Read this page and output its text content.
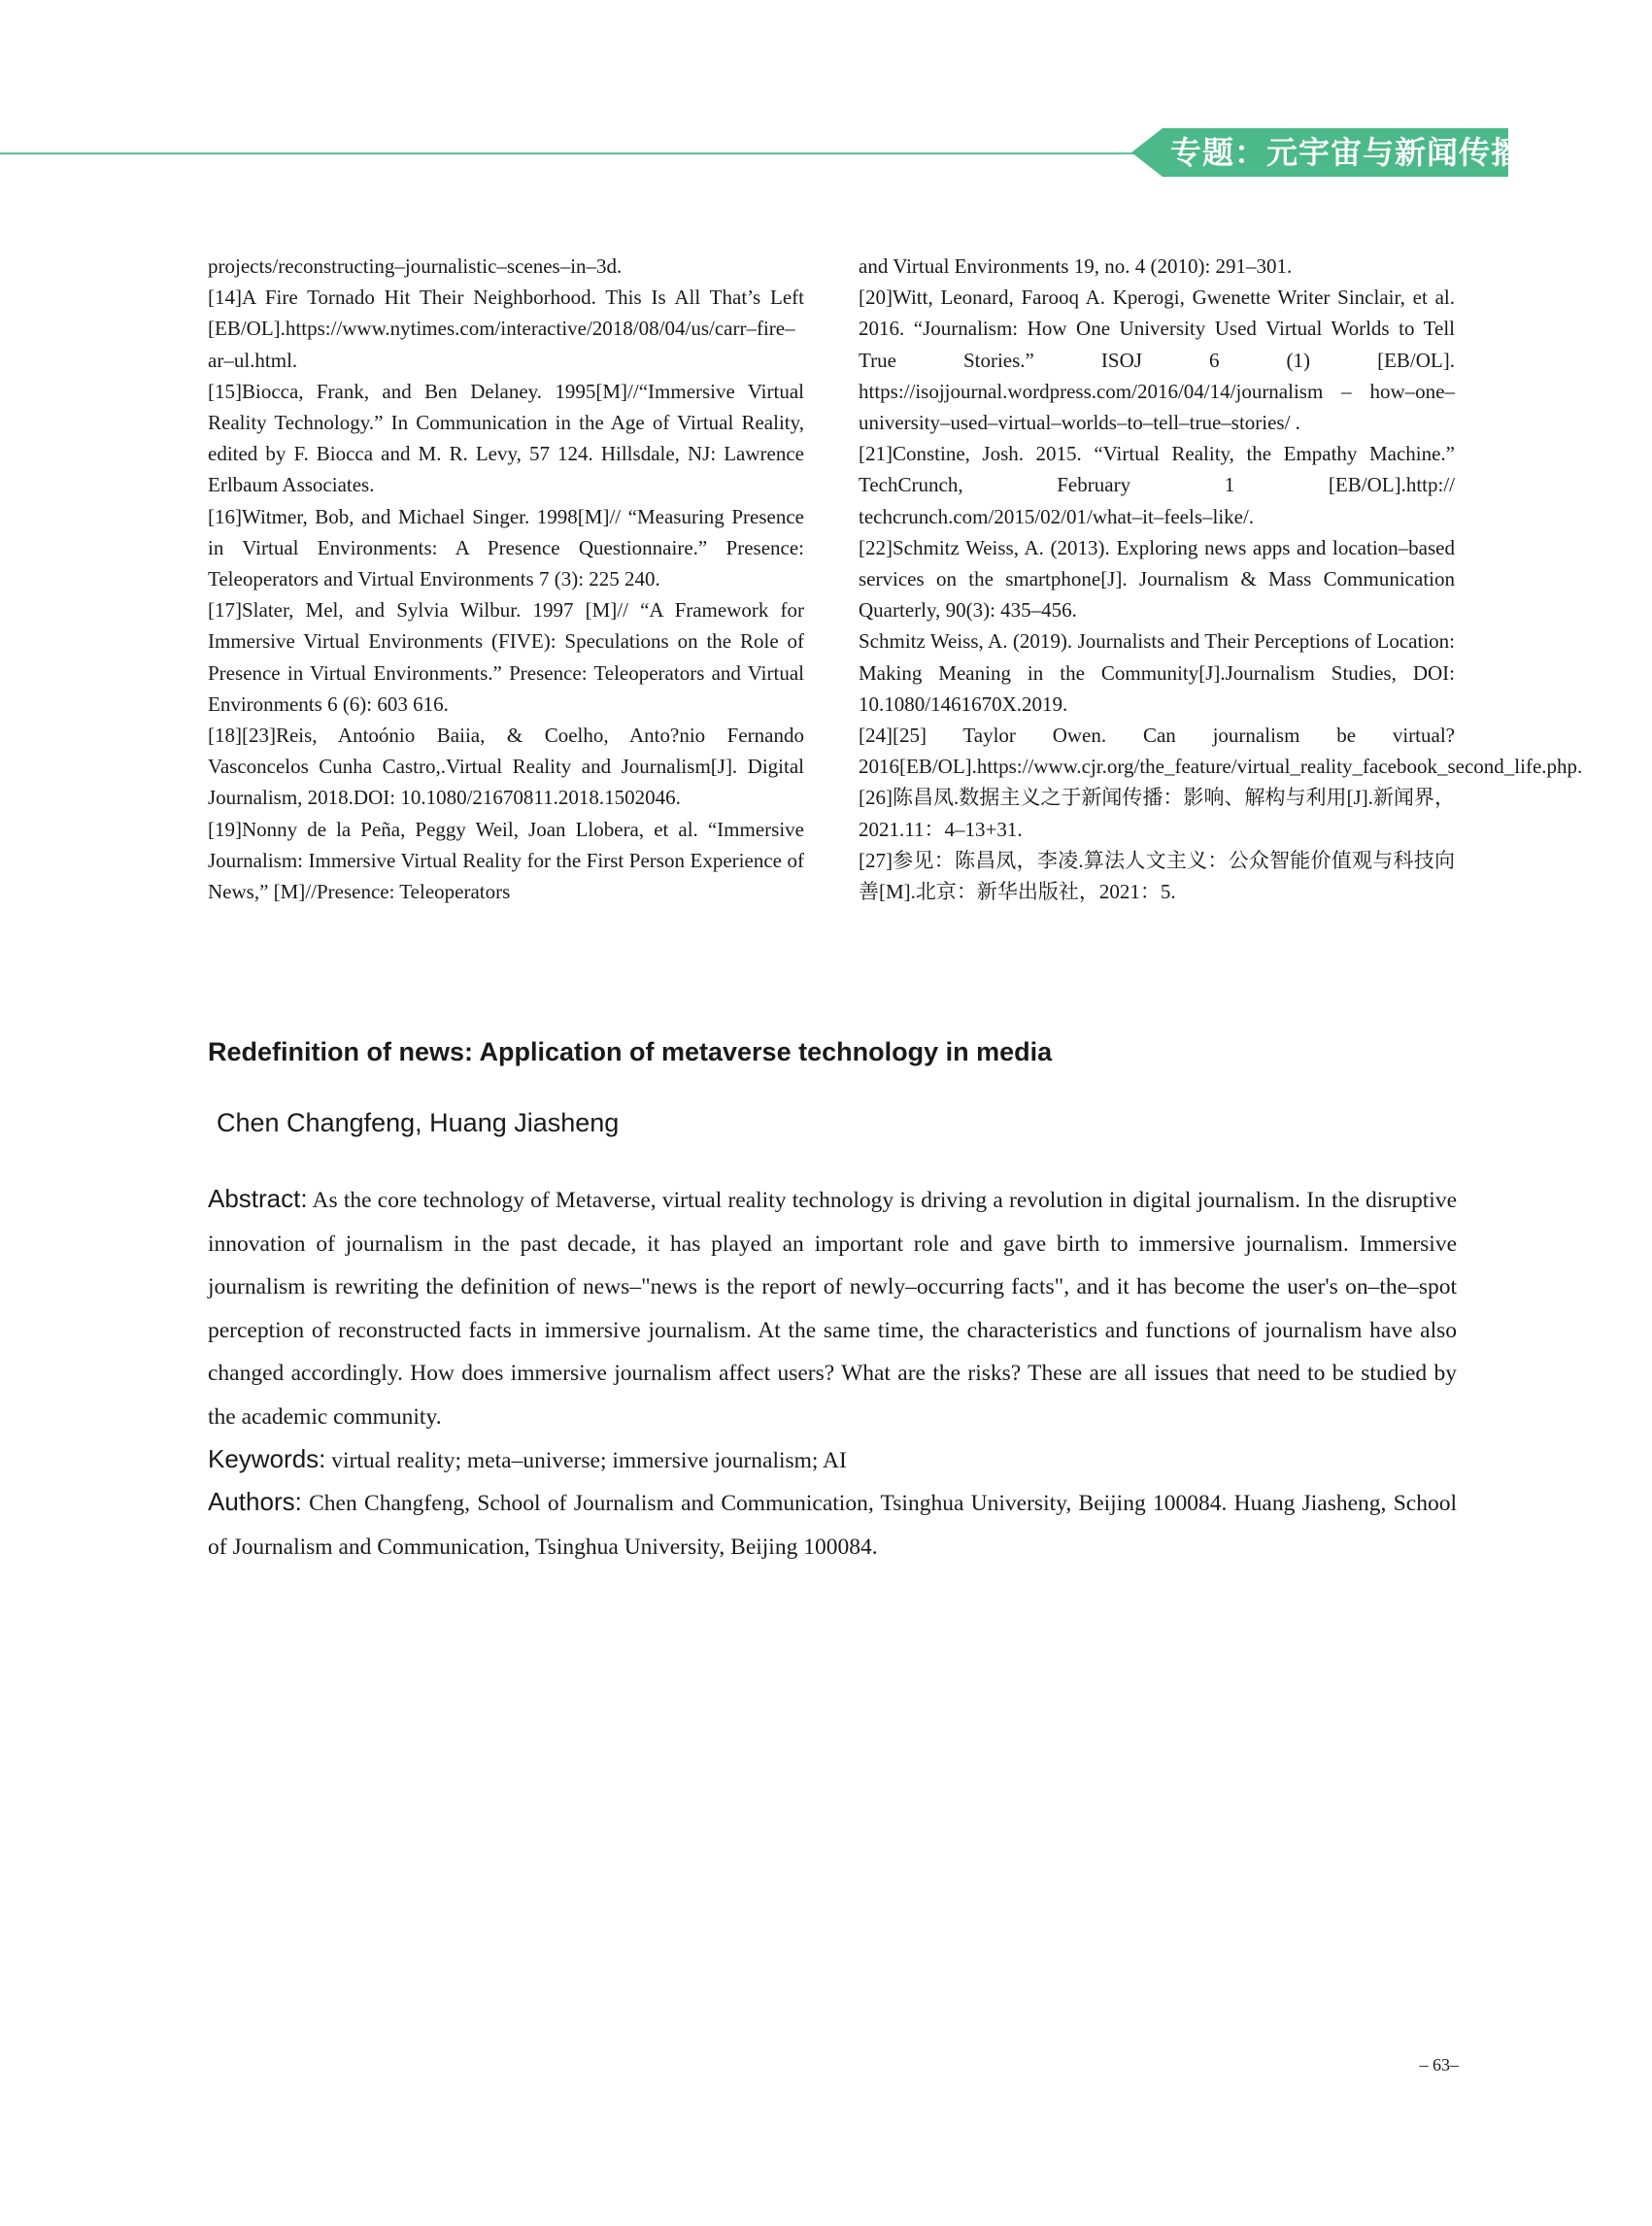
专题：元宇宙与新闻传播

projects/reconstructing–journalistic–scenes–in–3d.

[14]A Fire Tornado Hit Their Neighborhood. This Is All That’s Left [EB/OL].https://www.nytimes.com/interactive/2018/08/04/us/carr–fire–ar–ul.html.

[15]Biocca, Frank, and Ben Delaney. 1995[M]//“Immersive Virtual Reality Technology.” In Communication in the Age of Virtual Reality, edited by F. Biocca and M. R. Levy, 57 124. Hillsdale, NJ: Lawrence Erlbaum Associates.

[16]Witmer, Bob, and Michael Singer. 1998[M]// “Measuring Presence in Virtual Environments: A Presence Questionnaire.” Presence: Teleoperators and Virtual Environments 7 (3): 225 240.

[17]Slater, Mel, and Sylvia Wilbur. 1997 [M]// “A Framework for Immersive Virtual Environments (FIVE): Speculations on the Role of Presence in Virtual Environments.” Presence: Teleoperators and Virtual Environments 6 (6): 603 616.

[18][23]Reis, Antoónio Baiia, & Coelho, Anto?nio Fernando Vasconcelos Cunha Castro,.Virtual Reality and Journalism[J]. Digital Journalism, 2018.DOI: 10.1080/21670811.2018.1502046.

[19]Nonny de la Peña, Peggy Weil, Joan Llobera, et al. “Immersive Journalism: Immersive Virtual Reality for the First Person Experience of News,” [M]//Presence: Teleoperators

and Virtual Environments 19, no. 4 (2010): 291–301.

[20]Witt, Leonard, Farooq A. Kperogi, Gwenette Writer Sinclair, et al. 2016. “Journalism: How One University Used Virtual Worlds to Tell True Stories.” ISOJ 6 (1) [EB/OL]. https://isojjournal.wordpress.com/2016/04/14/journalism – how–one– university–used–virtual–worlds–to–tell–true–stories/ .

[21]Constine, Josh. 2015. “Virtual Reality, the Empathy Machine.” TechCrunch, February 1 [EB/OL].http:// techcrunch.com/2015/02/01/what–it–feels–like/.

[22]Schmitz Weiss, A. (2013). Exploring news apps and location–based services on the smartphone[J]. Journalism & Mass Communication Quarterly, 90(3): 435–456.

Schmitz Weiss, A. (2019). Journalists and Their Perceptions of Location: Making Meaning in the Community[J].Journalism Studies, DOI: 10.1080/1461670X.2019.

[24][25] Taylor Owen. Can journalism be virtual?2016[EB/OL].https://www.cjr.org/the_feature/virtual_reality_facebook_second_life.php.

[26]陈昌凤.数据主义之于新闻传播：影响、解构与利用[J].新闻界，2021.11：4–13+31.

[27]参见：陈昌凤，李凌.算法人文主义：公众智能价值观与科技向善[M].北京：新华出版社，2021：5.

Redefinition of news: Application of metaverse technology in media

Chen Changfeng, Huang Jiasheng

Abstract: As the core technology of Metaverse, virtual reality technology is driving a revolution in digital journalism. In the disruptive innovation of journalism in the past decade, it has played an important role and gave birth to immersive journalism. Immersive journalism is rewriting the definition of news–"news is the report of newly–occurring facts", and it has become the user's on–the–spot perception of reconstructed facts in immersive journalism. At the same time, the characteristics and functions of journalism have also changed accordingly. How does immersive journalism affect users? What are the risks? These are all issues that need to be studied by the academic community.

Keywords: virtual reality; meta–universe; immersive journalism; AI

Authors: Chen Changfeng, School of Journalism and Communication, Tsinghua University, Beijing 100084. Huang Jiasheng, School of Journalism and Communication, Tsinghua University, Beijing 100084.

– 63–
